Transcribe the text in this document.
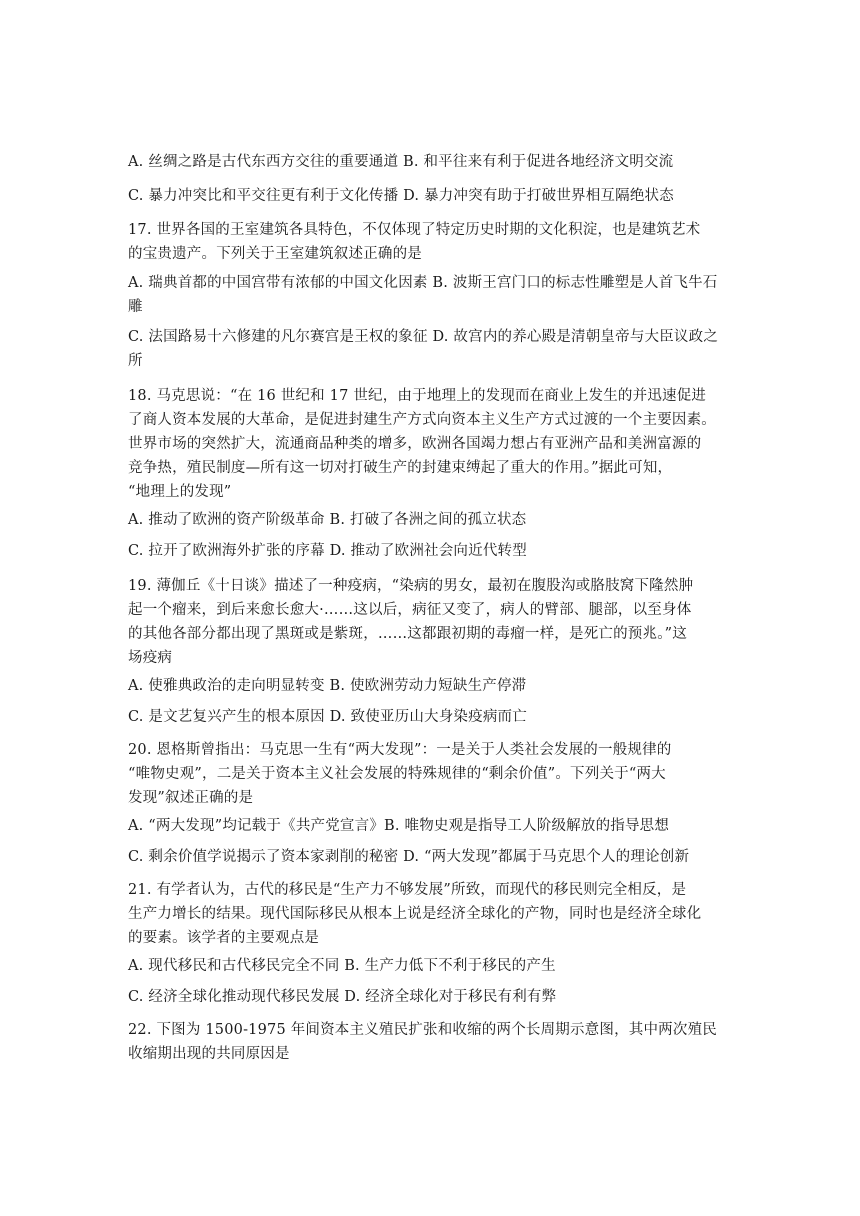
A. 丝绸之路是古代东西方交往的重要通道 B. 和平往来有利于促进各地经济文明交流
C. 暴力冲突比和平交往更有利于文化传播 D. 暴力冲突有助于打破世界相互隔绝状态
17. 世界各国的王室建筑各具特色，不仅体现了特定历史时期的文化积淀，也是建筑艺术
的宝贵遗产。下列关于王室建筑叙述正确的是
A. 瑞典首都的中国宫带有浓郁的中国文化因素 B. 波斯王宫门口的标志性雕塑是人首飞牛石
雕
C. 法国路易十六修建的凡尔赛宫是王权的象征 D. 故宫内的养心殿是清朝皇帝与大臣议政之
所
18. 马克思说：“在 16 世纪和 17 世纪，由于地理上的发现而在商业上发生的并迅速促进
了商人资本发展的大革命，是促进封建生产方式向资本主义生产方式过渡的一个主要因素。
世界市场的突然扩大，流通商品种类的增多，欧洲各国竭力想占有亚洲产品和美洲富源的
竞争热，殖民制度—所有这一切对打破生产的封建束缚起了重大的作用。”据此可知，
“地理上的发现”
A. 推动了欧洲的资产阶级革命 B. 打破了各洲之间的孤立状态
C. 拉开了欧洲海外扩张的序幕 D. 推动了欧洲社会向近代转型
19. 薄伽丘《十日谈》描述了一种疫病，“染病的男女，最初在腹股沟或胳肢窝下隆然肿
起一个瘤来，到后来愈长愈大·……这以后，病征又变了，病人的臂部、腿部，以至身体
的其他各部分都出现了黑斑或是紫斑，……这都跟初期的毒瘤一样，是死亡的预兆。”这
场疫病
A. 使雅典政治的走向明显转变 B. 使欧洲劳动力短缺生产停滞
C. 是文艺复兴产生的根本原因 D. 致使亚历山大身染疫病而亡
20. 恩格斯曾指出：马克思一生有“两大发现”：一是关于人类社会发展的一般规律的
“唯物史观”，二是关于资本主义社会发展的特殊规律的“剩余价值”。下列关于“两大
发现”叙述正确的是
A. “两大发现”均记载于《共产党宣言》B. 唯物史观是指导工人阶级解放的指导思想
C. 剩余价值学说揭示了资本家剥削的秘密 D. “两大发现”都属于马克思个人的理论创新
21. 有学者认为，古代的移民是“生产力不够发展”所致，而现代的移民则完全相反，是
生产力增长的结果。现代国际移民从根本上说是经济全球化的产物，同时也是经济全球化
的要素。该学者的主要观点是
A. 现代移民和古代移民完全不同 B. 生产力低下不利于移民的产生
C. 经济全球化推动现代移民发展 D. 经济全球化对于移民有利有弊
22. 下图为 1500-1975 年间资本主义殖民扩张和收缩的两个长周期示意图，其中两次殖民
收缩期出现的共同原因是
